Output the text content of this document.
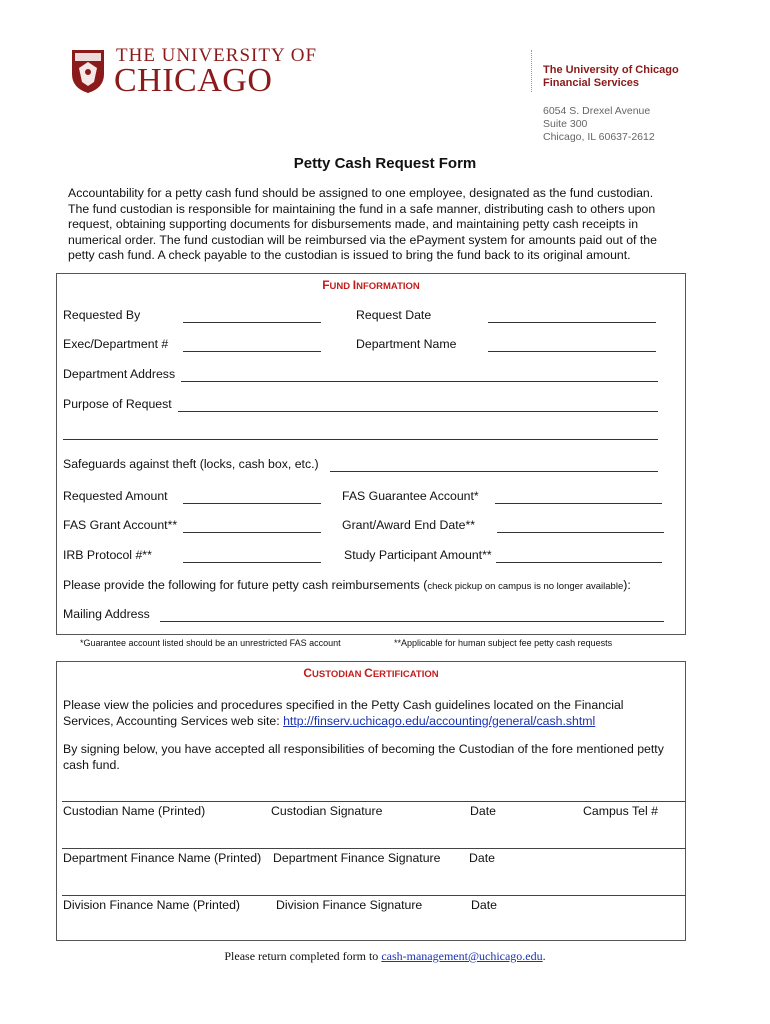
THE UNIVERSITY OF
CHICAGO	The University of Chicago
Financial Services
6054 S. Drexel Avenue
Suite 300
Chicago, IL 60637-2612
Petty Cash Request Form
Accountability for a petty cash fund should be assigned to one employee, designated as the fund custodian.
The fund custodian is responsible for maintaining the fund in a safe manner, distributing cash to others upon
request, obtaining supporting documents for disbursements made, and maintaining petty cash receipts in
numerical order. The fund custodian will be reimbursed via the ePayment system for amounts paid out of the
petty cash fund. A check payable to the custodian is issued to bring the fund back to its original amount.
FUND INFORMATION
Requested By	Request Date
Exec/Department #	Department Name
Department Address
Purpose of Request
Safeguards against theft (locks, cash box, etc.)
Requested Amount	FAS Guarantee Account*
FAS Grant Account**	Grant/Award End Date**
IRB Protocol #**	Study Participant Amount**
Please provide the following for future petty cash reimbursements (check pickup on campus is no longer available):
Mailing Address
*Guarantee account listed should be an unrestricted FAS account	**Applicable for human subject fee petty cash requests
CUSTODIAN CERTIFICATION
Please view the policies and procedures specified in the Petty Cash guidelines located on the Financial
Services, Accounting Services web site: http://finserv.uchicago.edu/accounting/general/cash.shtml
By signing below, you have accepted all responsibilities of becoming the Custodian of the fore mentioned petty
cash fund.
Custodian Name (Printed)	Custodian Signature	Date	Campus Tel #
Department Finance Name (Printed) Department Finance Signature Date
Division Finance Name (Printed)	Division Finance Signature	Date
Please return completed form to cash-management@uchicago.edu.
